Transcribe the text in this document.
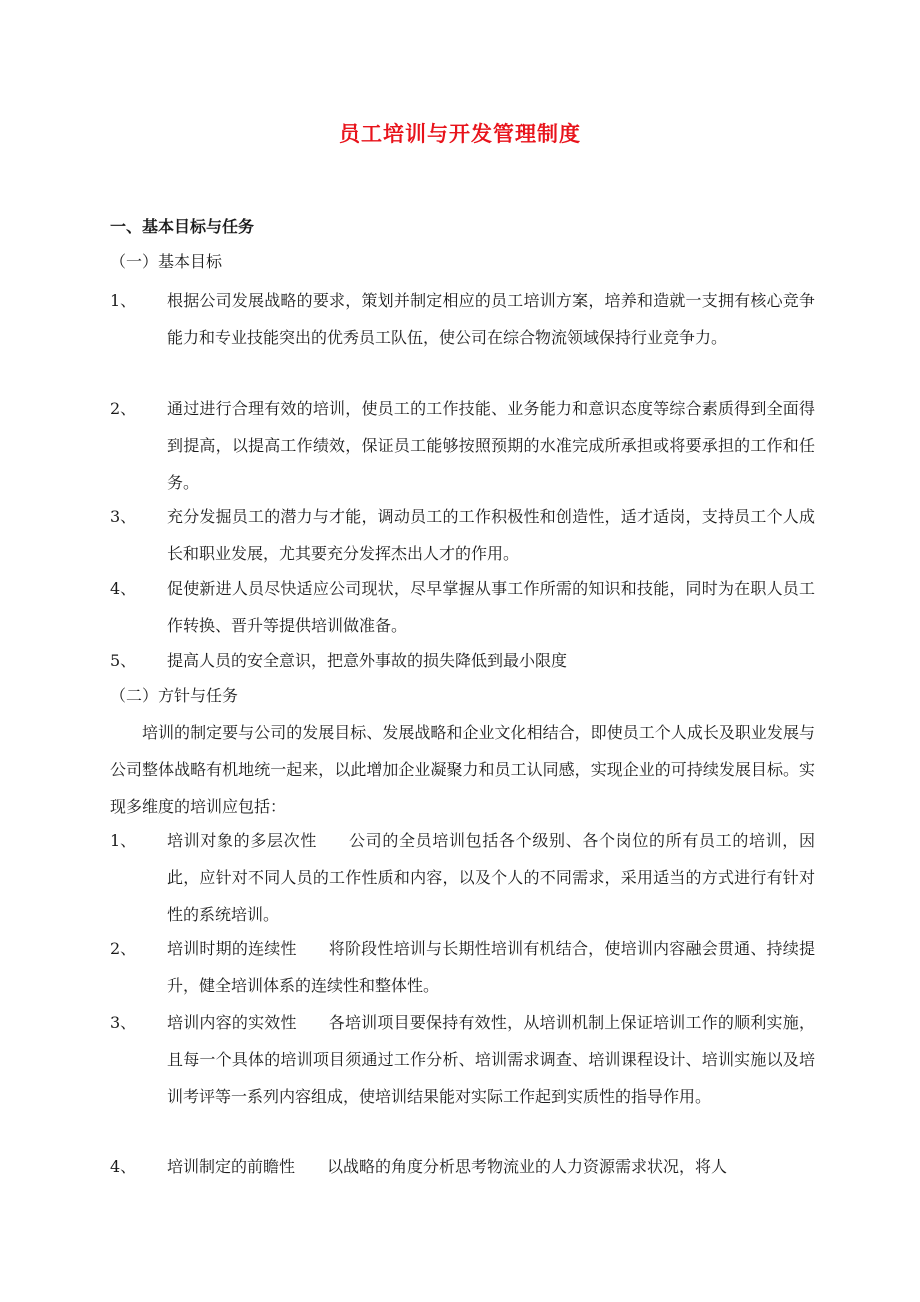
员工培训与开发管理制度
一、基本目标与任务

（一）基本目标

1、 根据公司发展战略的要求，策划并制定相应的员工培训方案，培养和造就一支拥有核心竞争能力和专业技能突出的优秀员工队伍，使公司在综合物流领域保持行业竞争力。
2、 通过进行合理有效的培训，使员工的工作技能、业务能力和意识态度等综合素质得到全面得到提高，以提高工作绩效，保证员工能够按照预期的水准完成所承担或将要承担的工作和任务。
3、 充分发掘员工的潜力与才能，调动员工的工作积极性和创造性，适才适岗，支持员工个人成长和职业发展，尤其要充分发挥杰出人才的作用。
4、 促使新进人员尽快适应公司现状，尽早掌握从事工作所需的知识和技能，同时为在职人员工作转换、晋升等提供培训做准备。
5、 提高人员的安全意识，把意外事故的损失降低到最小限度

（二）方针与任务

培训的制定要与公司的发展目标、发展战略和企业文化相结合，即使员工个人成长及职业发展与公司整体战略有机地统一起来，以此增加企业凝聚力和员工认同感，实现企业的可持续发展目标。实现多维度的培训应包括：

1、 培训对象的多层次性 公司的全员培训包括各个级别、各个岗位的所有员工的培训，因此，应针对不同人员的工作性质和内容，以及个人的不同需求，采用适当的方式进行有针对性的系统培训。
2、 培训时期的连续性 将阶段性培训与长期性培训有机结合，使培训内容融会贯通、持续提升，健全培训体系的连续性和整体性。
3、 培训内容的实效性 各培训项目要保持有效性，从培训机制上保证培训工作的顺利实施，且每一个具体的培训项目须通过工作分析、培训需求调查、培训课程设计、培训实施以及培训考评等一系列内容组成，使培训结果能对实际工作起到实质性的指导作用。
4、 培训制定的前瞻性 以战略的角度分析思考物流业的人力资源需求状况，将人
